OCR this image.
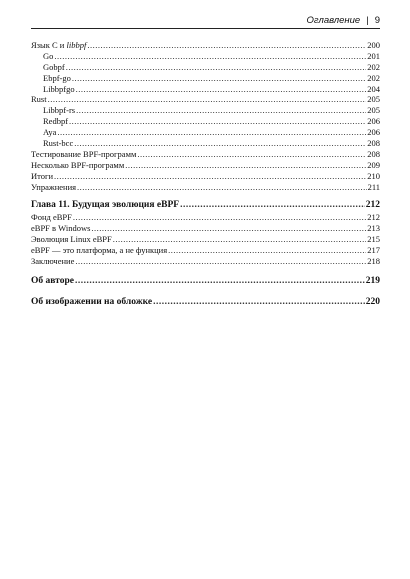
Оглавление | 9
Язык С и libbpf .....	200
Go .....	201
Gobpf .....	202
Ebpf-go .....	202
Libbpfgo .....	204
Rust .....	205
Libbpf-rs .....	205
Redbpf .....	206
Aya .....	206
Rust-bcc .....	208
Тестирование BPF-программ .....	208
Несколько BPF-программ .....	209
Итоги .....	210
Упражнения .....	211
Глава 11. Будущая эволюция eBPF .....	212
Фонд eBPF .....	212
eBPF в Windows .....	213
Эволюция Linux eBPF .....	215
eBPF — это платформа, а не функция .....	217
Заключение .....	218
Об авторе .....	219
Об изображении на обложке .....	220
